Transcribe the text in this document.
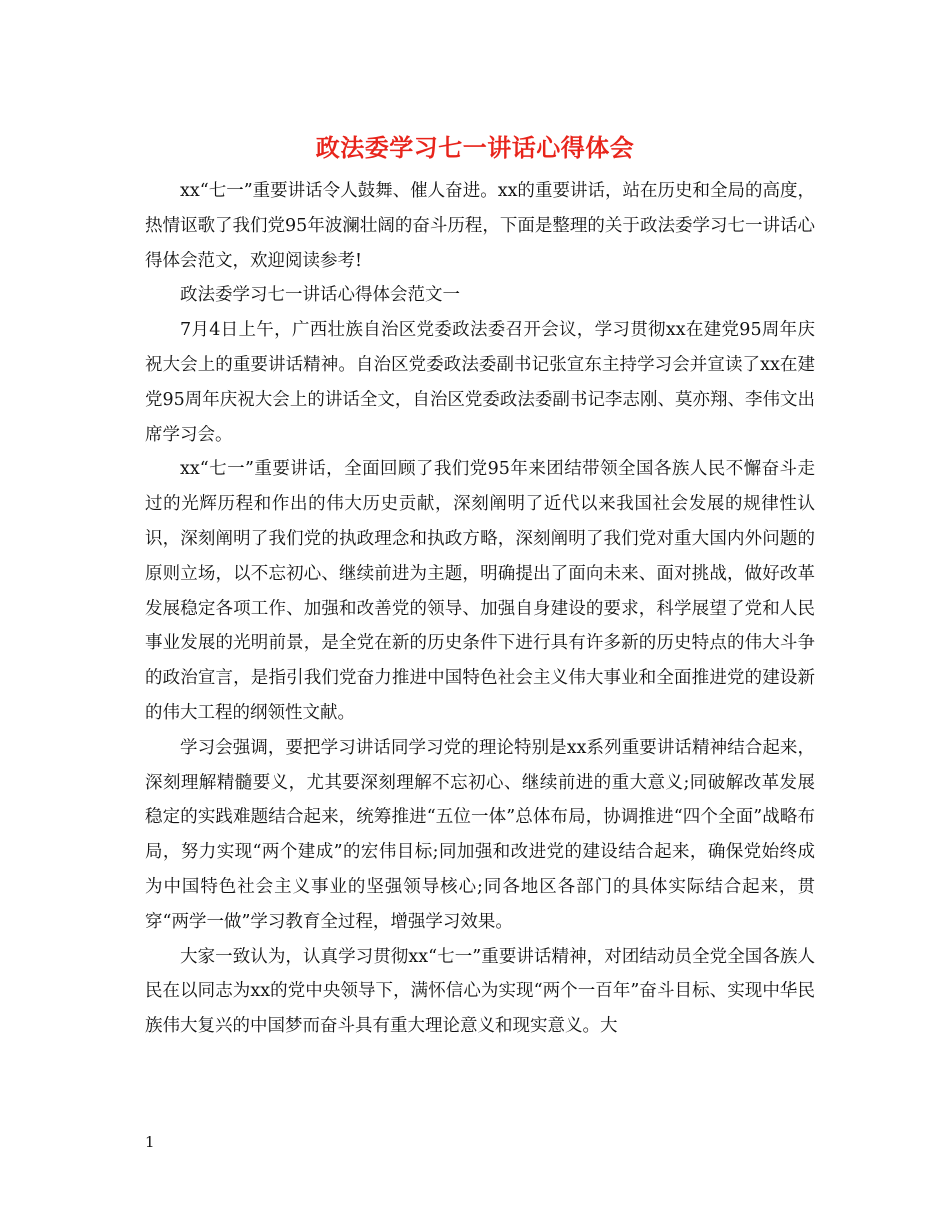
政法委学习七一讲话心得体会

xx“七一”重要讲话令人鼓舞、催人奋进。xx的重要讲话，站在历史和全局的高度，热情讴歌了我们党95年波澜壮阔的奋斗历程，下面是整理的关于政法委学习七一讲话心得体会范文，欢迎阅读参考!

政法委学习七一讲话心得体会范文一

7月4日上午，广西壮族自治区党委政法委召开会议，学习贯彻xx在建党95周年庆祝大会上的重要讲话精神。自治区党委政法委副书记张宣东主持学习会并宣读了xx在建党95周年庆祝大会上的讲话全文，自治区党委政法委副书记李志刚、莫亦翔、李伟文出席学习会。

xx“七一”重要讲话，全面回顾了我们党95年来团结带领全国各族人民不懈奋斗走过的光辉历程和作出的伟大历史贡献，深刻阐明了近代以来我国社会发展的规律性认识，深刻阐明了我们党的执政理念和执政方略，深刻阐明了我们党对重大国内外问题的原则立场，以不忘初心、继续前进为主题，明确提出了面向未来、面对挑战，做好改革发展稳定各项工作、加强和改善党的领导、加强自身建设的要求，科学展望了党和人民事业发展的光明前景，是全党在新的历史条件下进行具有许多新的历史特点的伟大斗争的政治宣言，是指引我们党奋力推进中国特色社会主义伟大事业和全面推进党的建设新的伟大工程的纲领性文献。

学习会强调，要把学习讲话同学习党的理论特别是xx系列重要讲话精神结合起来，深刻理解精髓要义，尤其要深刻理解不忘初心、继续前进的重大意义;同破解改革发展稳定的实践难题结合起来，统筹推进“五位一体”总体布局，协调推进“四个全面”战略布局，努力实现“两个建成”的宏伟目标;同加强和改进党的建设结合起来，确保党始终成为中国特色社会主义事业的坚强领导核心;同各地区各部门的具体实际结合起来，贯穿“两学一做”学习教育全过程，增强学习效果。

大家一致认为，认真学习贯彻xx“七一”重要讲话精神，对团结动员全党全国各族人民在以同志为xx的党中央领导下，满怀信心为实现“两个一百年”奋斗目标、实现中华民族伟大复兴的中国梦而奋斗具有重大理论意义和现实意义。大

1
